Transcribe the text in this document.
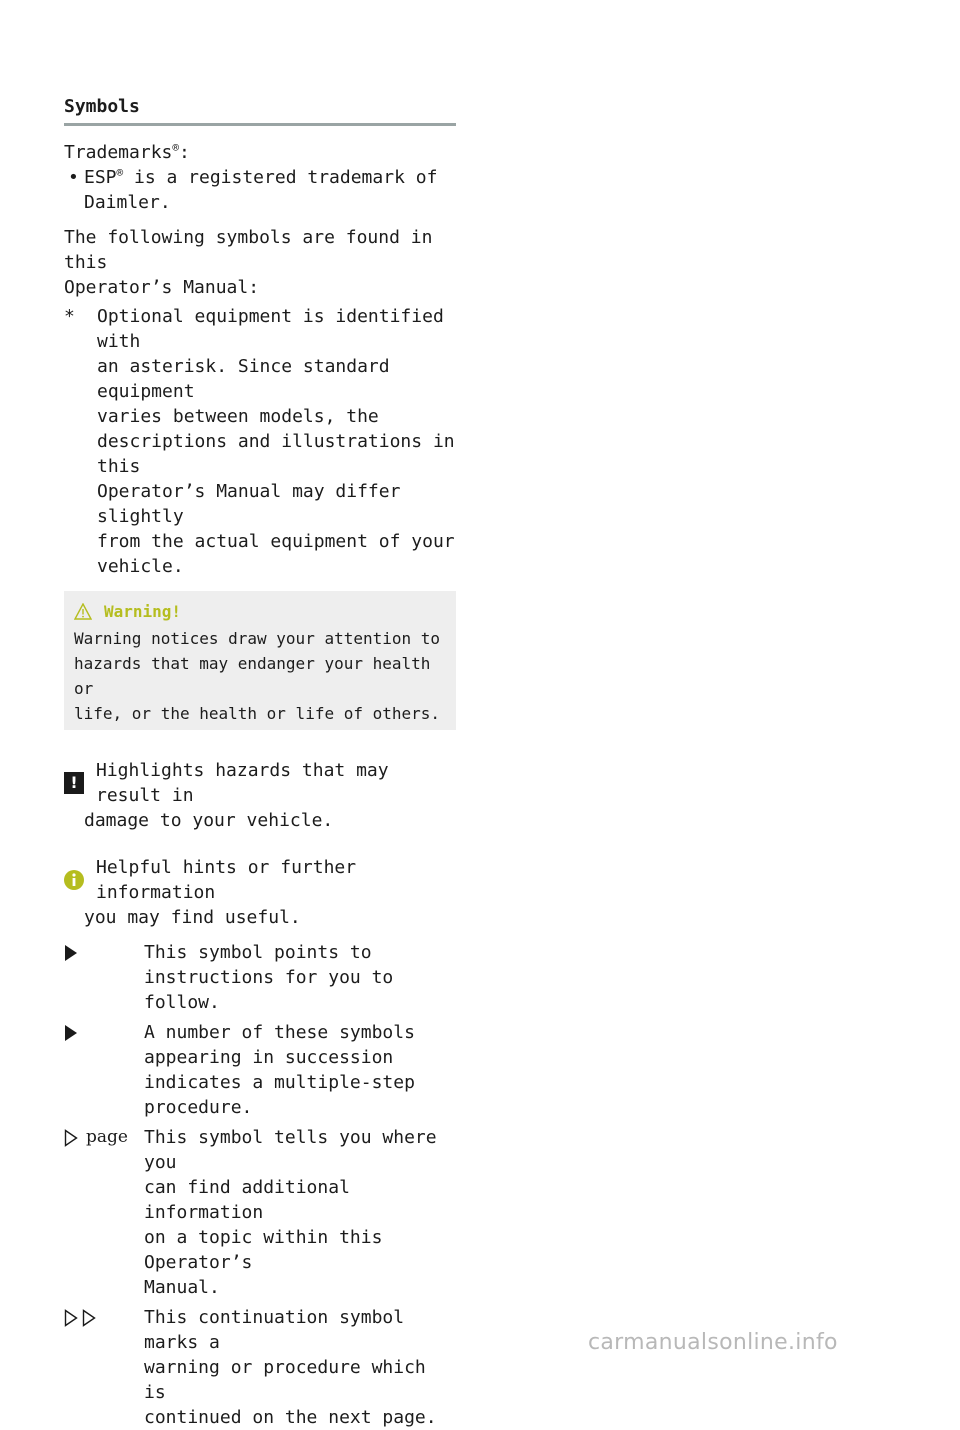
Symbols
Trademarks®:
• ESP® is a registered trademark of
Daimler.
The following symbols are found in this
Operator’s Manual:
*	Optional equipment is identified with
an asterisk. Since standard equipment
varies between models, the
descriptions and illustrations in this
Operator’s Manual may differ slightly
from the actual equipment of your
vehicle.
Warning!
Warning notices draw your attention to
hazards that may endanger your health or
life, or the health or life of others.
!
Highlights hazards that may result in
damage to your vehicle.
Helpful hints or further information
you may find useful.
This symbol points to
instructions for you to follow.
A number of these symbols
appearing in succession
indicates a multiple-step
procedure.
page This symbol tells you where you
can find additional information
on a topic within this Operator’s
Manual.
This continuation symbol marks a
warning or procedure which is
continued on the next page.
carmanualsonline.info
